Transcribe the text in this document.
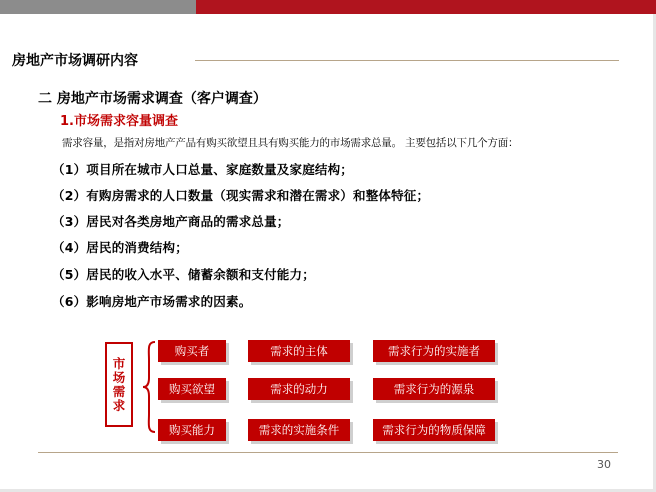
房地产市场调研内容
二 房地产市场需求调查（客户调查）
1.市场需求容量调查
需求容量，是指对房地产产品有购买欲望且具有购买能力的市场需求总量。 主要包括以下几个方面：
（1）项目所在城市人口总量、家庭数量及家庭结构；
（2）有购房需求的人口数量（现实需求和潜在需求）和整体特征；
（3）居民对各类房地产商品的需求总量；
（4）居民的消费结构；
（5）居民的收入水平、储蓄余额和支付能力；
（6）影响房地产市场需求的因素。
市场需求
购买者
购买欲望
购买能力
需求的主体
需求的动力
需求的实施条件
需求行为的实施者
需求行为的源泉
需求行为的物质保障
30
